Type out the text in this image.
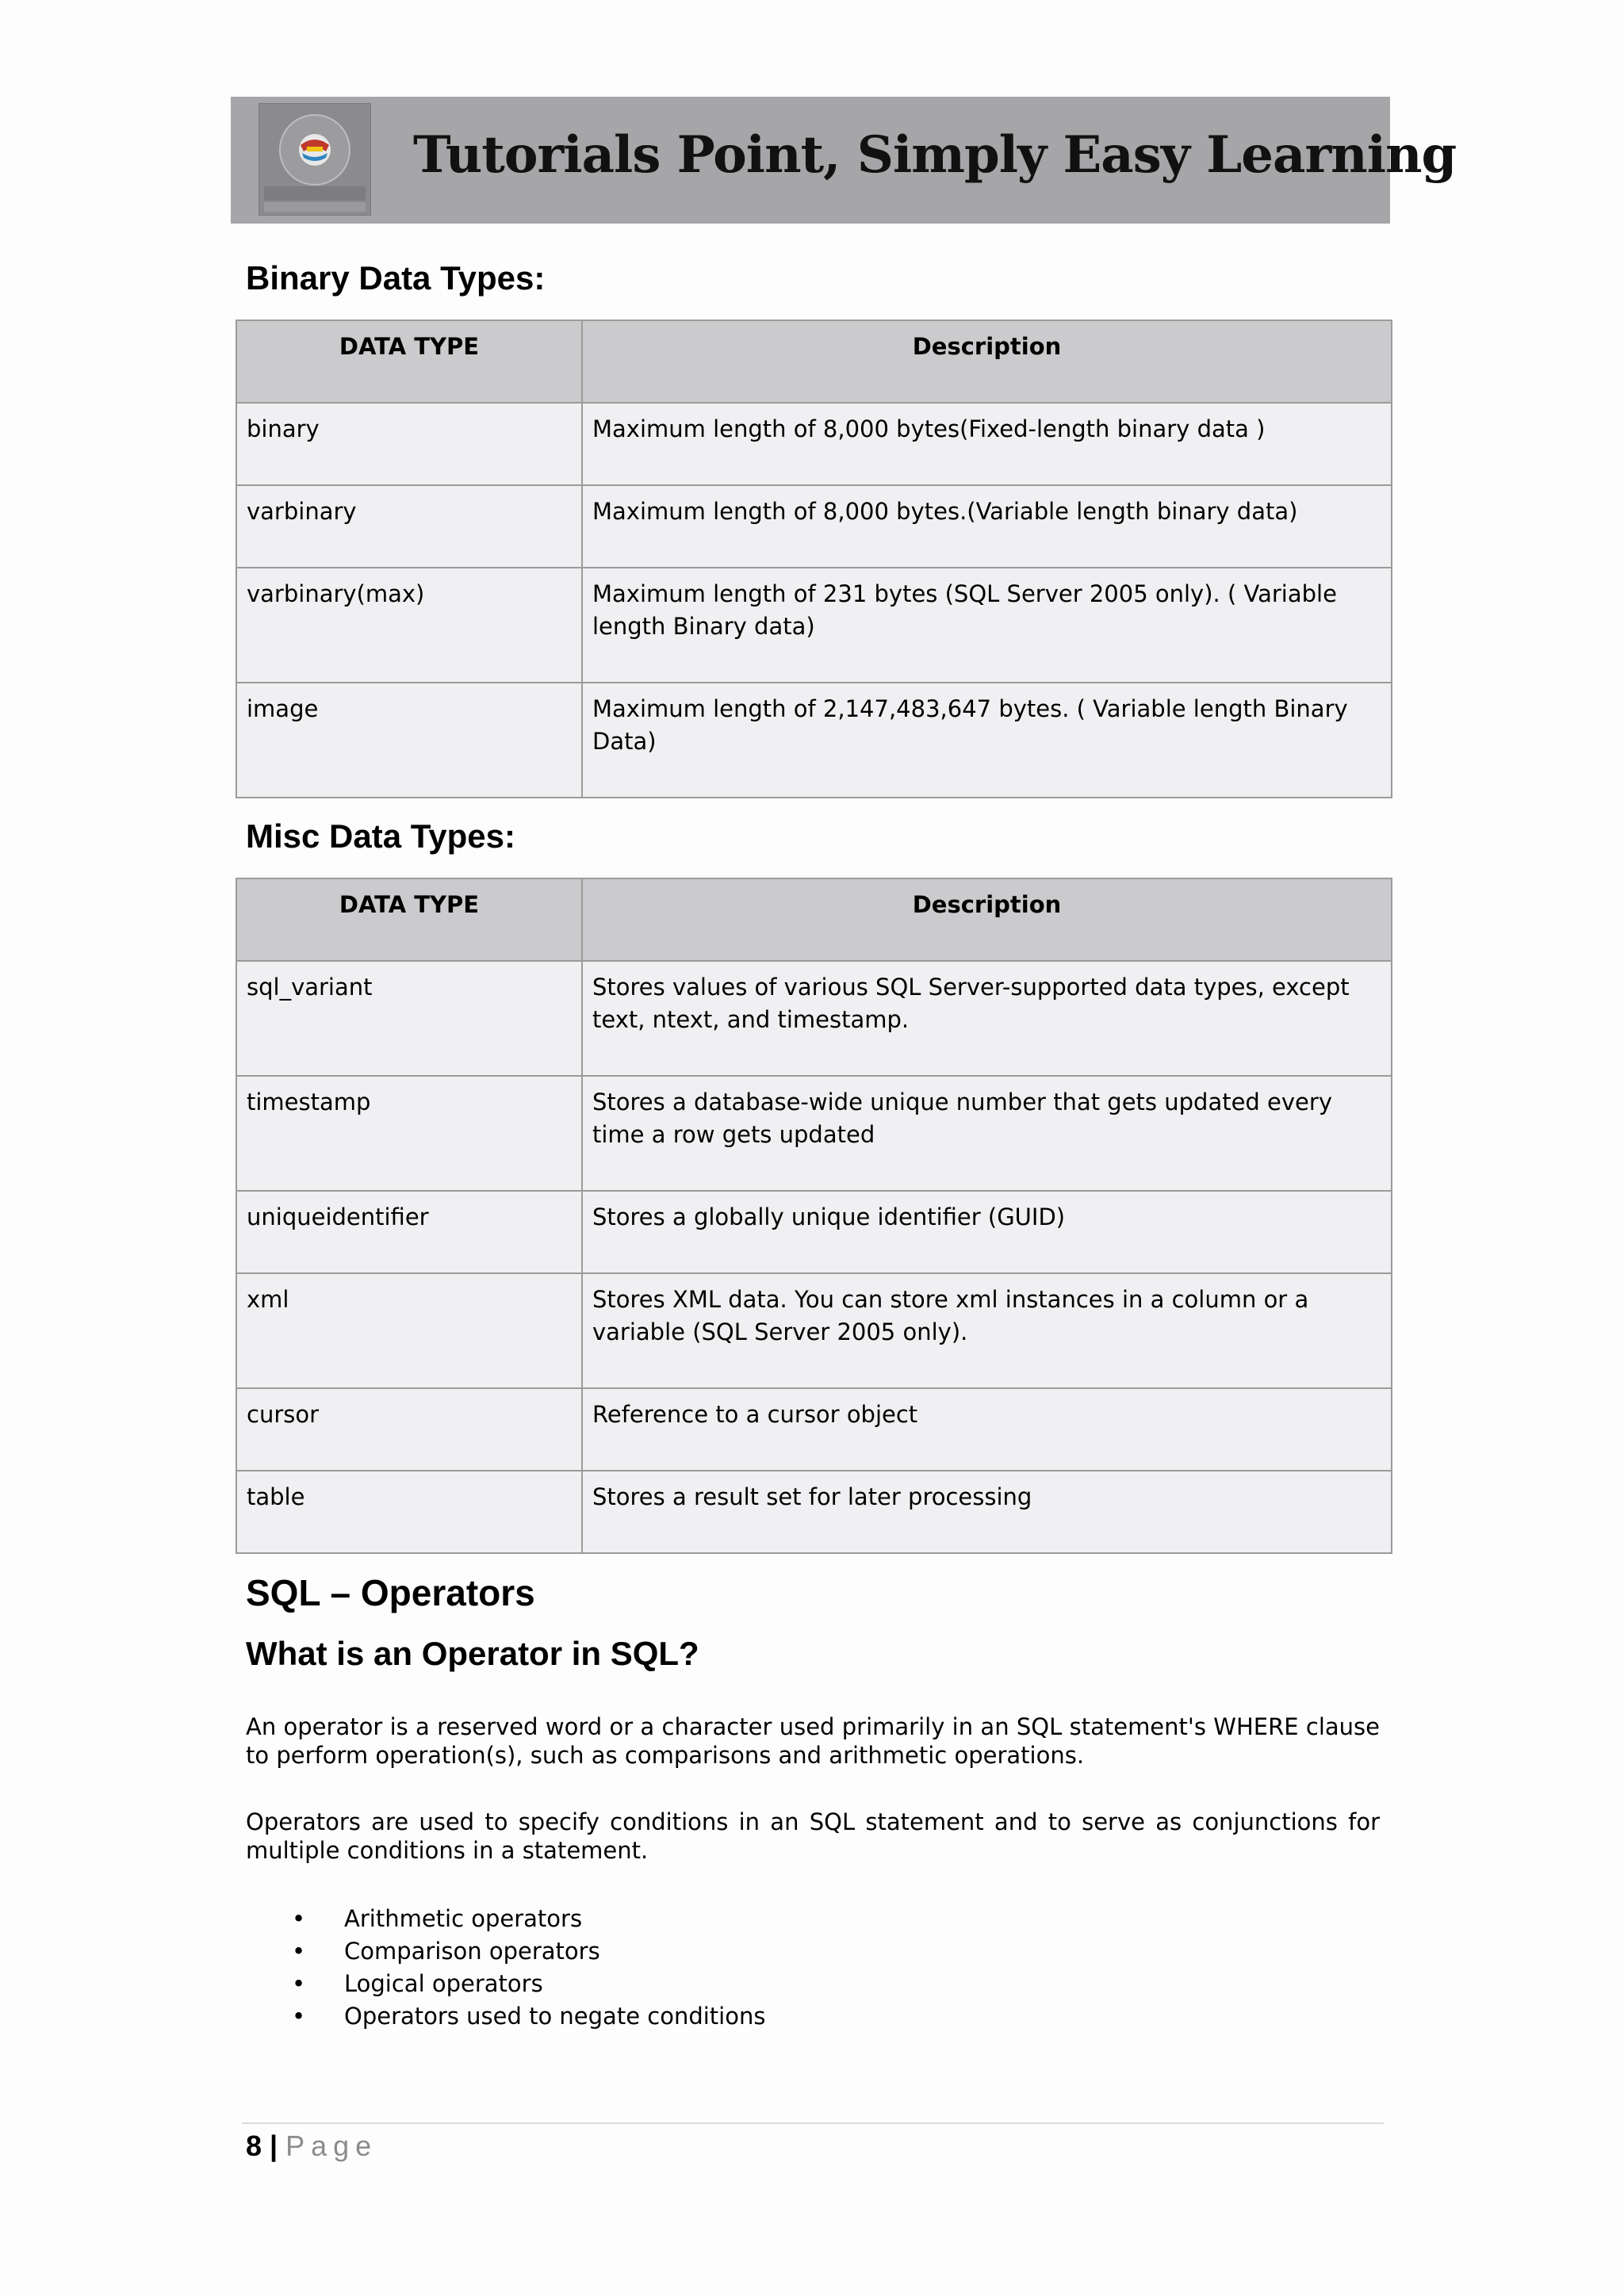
Tutorials Point, Simply Easy Learning
Binary Data Types:
DATA TYPE	Description
binary	Maximum length of 8,000 bytes(Fixed-length binary data )
varbinary	Maximum length of 8,000 bytes.(Variable length binary data)
varbinary(max)	Maximum length of 231 bytes (SQL Server 2005 only). ( Variable length Binary data)
image	Maximum length of 2,147,483,647 bytes. ( Variable length Binary Data)
Misc Data Types:
DATA TYPE	Description
sql_variant	Stores values of various SQL Server-supported data types, except text, ntext, and timestamp.
timestamp	Stores a database-wide unique number that gets updated every time a row gets updated
uniqueidentifier	Stores a globally unique identifier (GUID)
xml	Stores XML data. You can store xml instances in a column or a variable (SQL Server 2005 only).
cursor	Reference to a cursor object
table	Stores a result set for later processing
SQL – Operators
What is an Operator in SQL?

An operator is a reserved word or a character used primarily in an SQL statement's WHERE clause to perform operation(s), such as comparisons and arithmetic operations.

Operators are used to specify conditions in an SQL statement and to serve as conjunctions for multiple conditions in a statement.

• Arithmetic operators
• Comparison operators
• Logical operators
• Operators used to negate conditions
8 | Page
